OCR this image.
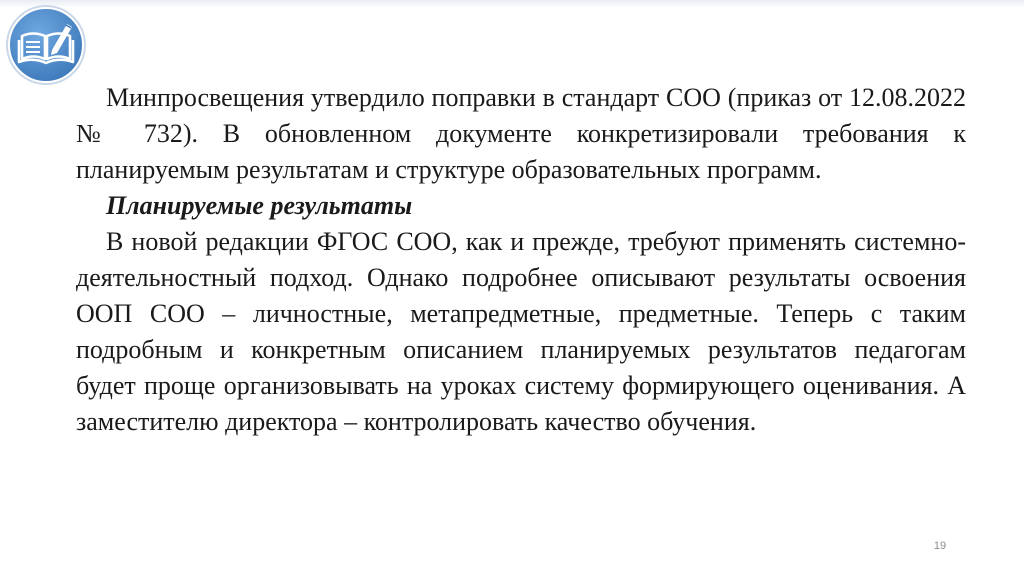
Минпросвещения утвердило поправки в стандарт СОО (приказ от 12.08.2022 № 732). В обновленном документе конкретизировали требования к планируемым результатам и структуре образовательных программ.

Планируемые результаты

В новой редакции ФГОС СОО, как и прежде, требуют применять системно-деятельностный подход. Однако подробнее описывают результаты освоения ООП СОО – личностные, метапредметные, предметные. Теперь с таким подробным и конкретным описанием планируемых результатов педагогам будет проще организовывать на уроках систему формирующего оценивания. А заместителю директора – контролировать качество обучения.

19
